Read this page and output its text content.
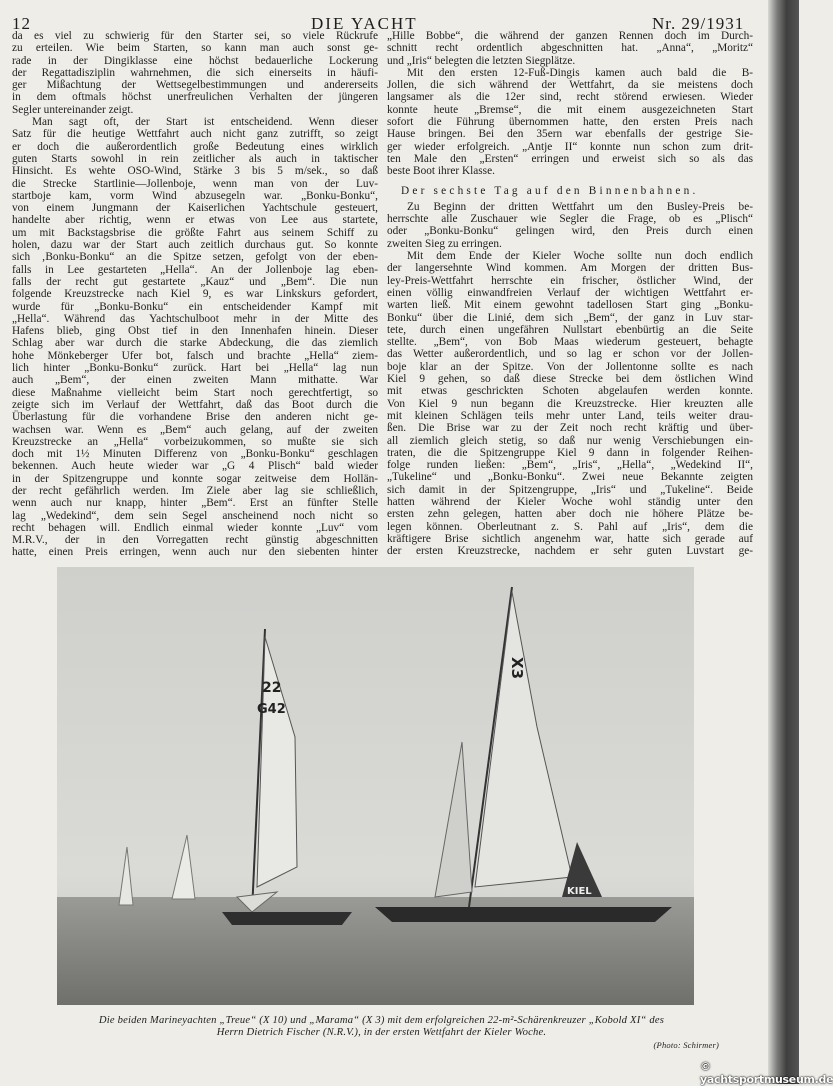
12	DIE YACHT	Nr. 29/1931
da es viel zu schwierig für den Starter sei, so viele Rückrufe
zu erteilen. Wie beim Starten, so kann man auch sonst ge-
rade in der Dingiklasse eine höchst bedauerliche Lockerung
der Regattadisziplin wahrnehmen, die sich einerseits in häufi-
ger Mißachtung der Wettsegelbestimmungen und andererseits
in dem oftmals höchst unerfreulichen Verhalten der jüngeren
Segler untereinander zeigt.
Man sagt oft, der Start ist entscheidend. Wenn dieser
Satz für die heutige Wettfahrt auch nicht ganz zutrifft, so zeigt
er doch die außerordentlich große Bedeutung eines wirklich
guten Starts sowohl in rein zeitlicher als auch in taktischer
Hinsicht. Es wehte OSO-Wind, Stärke 3 bis 5 m/sek., so daß
die Strecke Startlinie—Jollenboje, wenn man von der Luv-
startboje kam, vorm Wind abzusegeln war. „Bonku-Bonku“,
von einem Jungmann der Kaiserlichen Yachtschule gesteuert,
handelte aber richtig, wenn er etwas von Lee aus startete,
um mit Backstagsbrise die größte Fahrt aus seinem Schiff zu
holen, dazu war der Start auch zeitlich durchaus gut. So konnte
sich ‚Bonku-Bonku“ an die Spitze setzen, gefolgt von der eben-
falls in Lee gestarteten „Hella“. An der Jollenboje lag eben-
falls der recht gut gestartete „Kauz“ und „Bem“. Die nun
folgende Kreuzstrecke nach Kiel 9, es war Linkskurs gefordert,
wurde für „Bonku-Bonku“ ein entscheidender Kampf mit
„Hella“. Während das Yachtschulboot mehr in der Mitte des
Hafens blieb, ging Obst tief in den Innenhafen hinein. Dieser
Schlag aber war durch die starke Abdeckung, die das ziemlich
hohe Mönkeberger Ufer bot, falsch und brachte „Hella“ ziem-
lich hinter „Bonku-Bonku“ zurück. Hart bei „Hella“ lag nun
auch „Bem“, der einen zweiten Mann mithatte. War
diese Maßnahme vielleicht beim Start noch gerechtfertigt, so
zeigte sich im Verlauf der Wettfahrt, daß das Boot durch die
Überlastung für die vorhandene Brise den anderen nicht ge-
wachsen war. Wenn es „Bem“ auch gelang, auf der zweiten
Kreuzstrecke an „Hella“ vorbeizukommen, so mußte sie sich
doch mit 1½ Minuten Differenz von „Bonku-Bonku“ geschlagen
bekennen. Auch heute wieder war „G 4 Plisch“ bald wieder
in der Spitzengruppe und konnte sogar zeitweise dem Hollän-
der recht gefährlich werden. Im Ziele aber lag sie schließlich,
wenn auch nur knapp, hinter „Bem“. Erst an fünfter Stelle
lag „Wedekind“, dem sein Segel anscheinend noch nicht so
recht behagen will. Endlich einmal wieder konnte „Luv“ vom
M.R.V., der in den Vorregatten recht günstig abgeschnitten
hatte, einen Preis erringen, wenn auch nur den siebenten hinter
„Hille Bobbe“, die während der ganzen Rennen doch im Durch-
schnitt recht ordentlich abgeschnitten hat. „Anna“, „Moritz“
und „Iris“ belegten die letzten Siegplätze.
Mit den ersten 12-Fuß-Dingis kamen auch bald die B-
Jollen, die sich während der Wettfahrt, da sie meistens doch
langsamer als die 12er sind, recht störend erwiesen. Wieder
konnte heute „Bremse“, die mit einem ausgezeichneten Start
sofort die Führung übernommen hatte, den ersten Preis nach
Hause bringen. Bei den 35ern war ebenfalls der gestrige Sie-
ger wieder erfolgreich. „Antje II“ konnte nun schon zum drit-
ten Male den „Ersten“ erringen und erweist sich so als das
beste Boot ihrer Klasse.
Der sechste Tag auf den Binnenbahnen.
Zu Beginn der dritten Wettfahrt um den Busley-Preis be-
herrschte alle Zuschauer wie Segler die Frage, ob es „Plisch“
oder „Bonku-Bonku“ gelingen wird, den Preis durch einen
zweiten Sieg zu erringen.
Mit dem Ende der Kieler Woche sollte nun doch endlich
der langersehnte Wind kommen. Am Morgen der dritten Bus-
ley-Preis-Wettfahrt herrschte ein frischer, östlicher Wind, der
einen völlig einwandfreien Verlauf der wichtigen Wettfahrt er-
warten ließ. Mit einem gewohnt tadellosen Start ging „Bonku-
Bonku“ über die Linié, dem sich „Bem“, der ganz in Luv star-
tete, durch einen ungefähren Nullstart ebenbürtig an die Seite
stellte. „Bem“, von Bob Maas wiederum gesteuert, behagte
das Wetter außerordentlich, und so lag er schon vor der Jollen-
boje klar an der Spitze. Von der Jollentonne sollte es nach
Kiel 9 gehen, so daß diese Strecke bei dem östlichen Wind
mit etwas geschrickten Schoten abgelaufen werden konnte.
Von Kiel 9 nun begann die Kreuzstrecke. Hier kreuzten alle
mit kleinen Schlägen teils mehr unter Land, teils weiter drau-
ßen. Die Brise war zu der Zeit noch recht kräftig und über-
all ziemlich gleich stetig, so daß nur wenig Verschiebungen ein-
traten, die die Spitzengruppe Kiel 9 dann in folgender Reihen-
folge runden ließen: „Bem“, „Iris“, „Hella“, „Wedekind II“,
„Tukeline“ und „Bonku-Bonku“. Zwei neue Bekannte zeigten
sich damit in der Spitzengruppe, „Iris“ und „Tukeline“. Beide
hatten während der Kieler Woche wohl ständig unter den
ersten zehn gelegen, hatten aber doch nie höhere Plätze be-
legen können. Oberleutnant z. S. Pahl auf „Iris“, dem die
kräftigere Brise sichtlich angenehm war, hatte sich gerade auf
der ersten Kreuzstrecke, nachdem er sehr guten Luvstart ge-
22
G42
X3
KIEL
Die beiden Marineyachten „Treue“ (X 10) und „Marama“ (X 3) mit dem erfolgreichen 22-m²-Schärenkreuzer „Kobold XI“ des
Herrn Dietrich Fischer (N.R.V.), in der ersten Wettfahrt der Kieler Woche.
(Photo: Schirmer)
© yachtsportmuseum.de
